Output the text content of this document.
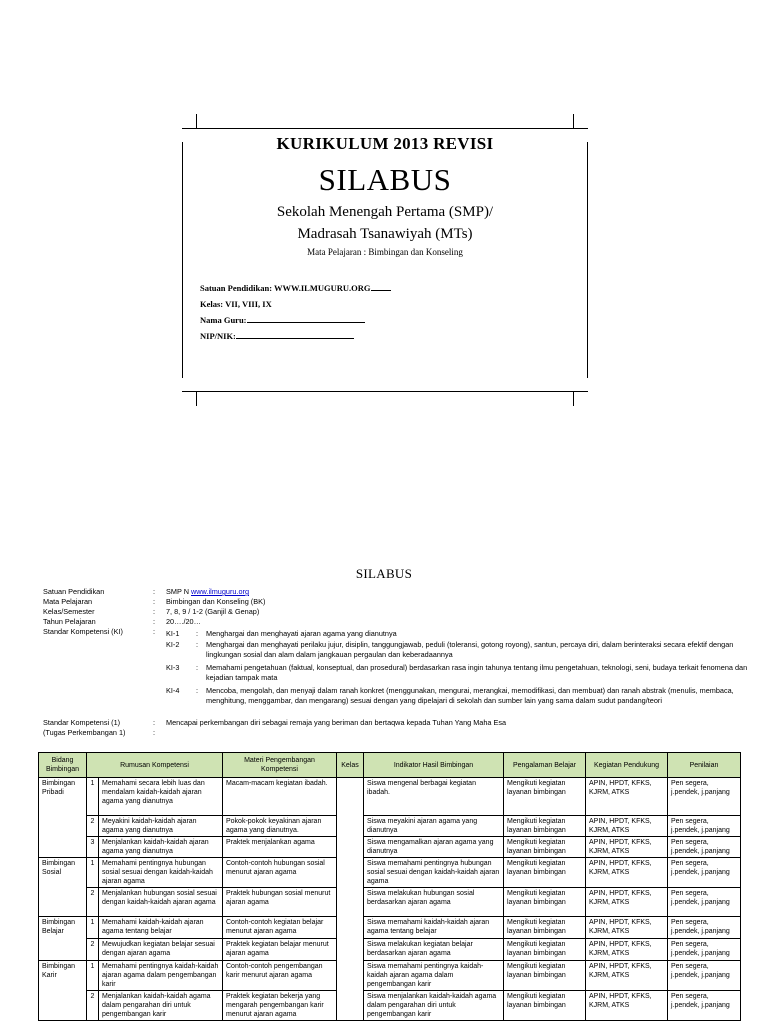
KURIKULUM 2013 REVISI
SILABUS
Sekolah Menengah Pertama (SMP)/
Madrasah Tsanawiyah (MTs)
Mata Pelajaran : Bimbingan dan Konseling
Satuan Pendidikan: WWW.ILMUGURU.ORG
Kelas: VII, VIII, IX
Nama Guru:
NIP/NIK:
SILABUS
Satuan Pendidikan	: SMP N www.ilmuguru.org
Mata Pelajaran	: Bimbingan dan Konseling (BK)
Kelas/Semester	: 7, 8, 9 / 1-2 (Ganjil & Genap)
Tahun Pelajaran	: 20…./20…
Standar Kompetensi (KI)	: KI-1 : Menghargai dan menghayati ajaran agama yang dianutnya
KI-2 : Menghargai dan menghayati perilaku jujur, disiplin, tanggungjawab, peduli (toleransi, gotong royong), santun, percaya diri, dalam berinteraksi secara efektif dengan lingkungan sosial dan alam dalam jangkauan pergaulan dan keberadaannya
KI-3 : Memahami pengetahuan (faktual, konseptual, dan prosedural) berdasarkan rasa ingin tahunya tentang ilmu pengetahuan, teknologi, seni, budaya terkait fenomena dan kejadian tampak mata
KI-4 : Mencoba, mengolah, dan menyaji dalam ranah konkret (menggunakan, mengurai, merangkai, memodifikasi, dan membuat) dan ranah abstrak (menulis, membaca, menghitung, menggambar, dan mengarang) sesuai dengan yang dipelajari di sekolah dan sumber lain yang sama dalam sudut pandang/teori
Standar Kompetensi (1)	: Mencapai perkembangan diri sebagai remaja yang beriman dan bertaqwa kepada Tuhan Yang Maha Esa
(Tugas Perkembangan 1)	:
Bidang Bimbingan	Rumusan Kompetensi		Materi Pengembangan Kompetensi	Kelas	Indikator Hasil Bimbingan	Pengalaman Belajar	Kegiatan Pendukung	Penilaian
Bimbingan Pribadi	1	Memahami secara lebih luas dan mendalam kaidah-kaidah ajaran agama yang dianutnya	Macam-macam kegiatan ibadah.		Siswa mengenal berbagai kegiatan ibadah.	Mengikuti kegiatan layanan bimbingan	APIN, HPDT, KFKS, KJRM, ATKS	Pen segera, j.pendek, j.panjang
	2	Meyakini kaidah-kaidah ajaran agama yang dianutnya	Pokok-pokok keyakinan ajaran agama yang dianutnya.		Siswa meyakini ajaran agama yang dianutnya	Mengikuti kegiatan layanan bimbingan	APIN, HPDT, KFKS, KJRM, ATKS	Pen segera, j.pendek, j.panjang
	3	Menjalankan kaidah-kaidah ajaran agama yang dianutnya	Praktek menjalankan agama		Siswa mengamalkan ajaran agama yang dianutnya	Mengikuti kegiatan layanan bimbingan	APIN, HPDT, KFKS, KJRM, ATKS	Pen segera, j.pendek, j.panjang
Bimbingan Sosial	1	Memahami pentingnya hubungan sosial sesuai dengan kaidah-kaidah ajaran agama	Contoh-contoh hubungan sosial menurut ajaran agama		Siswa memahami pentingnya hubungan sosial sesuai dengan kaidah-kaidah ajaran agama	Mengikuti kegiatan layanan bimbingan	APIN, HPDT, KFKS, KJRM, ATKS	Pen segera, j.pendek, j.panjang
	2	Menjalankan hubungan sosial sesuai dengan kaidah-kaidah ajaran agama	Praktek hubungan sosial menurut ajaran agama		Siswa melakukan hubungan sosial berdasarkan ajaran agama	Mengikuti kegiatan layanan bimbingan	APIN, HPDT, KFKS, KJRM, ATKS	Pen segera, j.pendek, j.panjang
Bimbingan Belajar	1	Memahami kaidah-kaidah ajaran agama tentang belajar	Contoh-contoh kegiatan belajar menurut ajaran agama		Siswa memahami kaidah-kaidah ajaran agama tentang belajar	Mengikuti kegiatan layanan bimbingan	APIN, HPDT, KFKS, KJRM, ATKS	Pen segera, j.pendek, j.panjang
	2	Mewujudkan kegiatan belajar sesuai dengan ajaran agama	Praktek kegiatan belajar menurut ajaran agama		Siswa melakukan kegiatan belajar berdasarkan ajaran agama	Mengikuti kegiatan layanan bimbingan	APIN, HPDT, KFKS, KJRM, ATKS	Pen segera, j.pendek, j.panjang
Bimbingan Karir	1	Memahami pentingnya kaidah-kaidah ajaran agama dalam pengembangan karir	Contoh-contoh pengembangan karir menurut ajaran agama		Siswa memahami pentingnya kaidah-kaidah ajaran agama dalam pengembangan karir	Mengikuti kegiatan layanan bimbingan	APIN, HPDT, KFKS, KJRM, ATKS	Pen segera, j.pendek, j.panjang
	2	Menjalankan kaidah-kaidah agama dalam pengarahan diri untuk pengembangan karir	Praktek kegiatan bekerja yang mengarah pengembangan karir menurut ajaran agama		Siswa menjalankan kaidah-kaidah agama dalam pengarahan diri untuk pengembangan karir	Mengikuti kegiatan layanan bimbingan	APIN, HPDT, KFKS, KJRM, ATKS	Pen segera, j.pendek, j.panjang
